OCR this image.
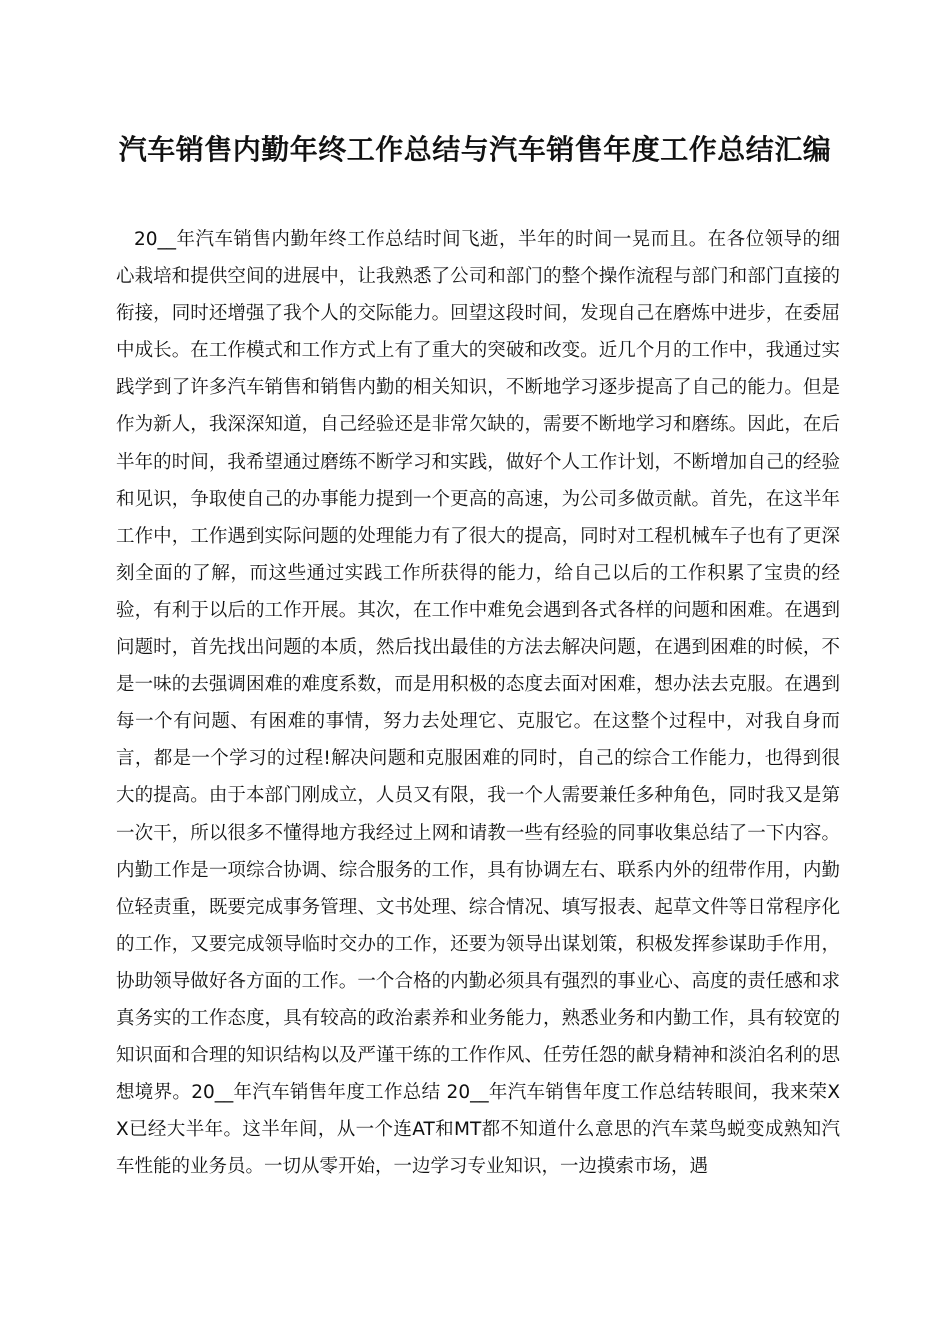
汽车销售内勤年终工作总结与汽车销售年度工作总结汇编

20__年汽车销售内勤年终工作总结时间飞逝，半年的时间一晃而且。在各位领导的细心栽培和提供空间的进展中，让我熟悉了公司和部门的整个操作流程与部门和部门直接的衔接，同时还增强了我个人的交际能力。回望这段时间，发现自己在磨炼中进步，在委屈中成长。在工作模式和工作方式上有了重大的突破和改变。近几个月的工作中，我通过实践学到了许多汽车销售和销售内勤的相关知识，不断地学习逐步提高了自己的能力。但是作为新人，我深深知道，自己经验还是非常欠缺的，需要不断地学习和磨练。因此，在后半年的时间，我希望通过磨练不断学习和实践，做好个人工作计划，不断增加自己的经验和见识，争取使自己的办事能力提到一个更高的高速，为公司多做贡献。首先，在这半年工作中，工作遇到实际问题的处理能力有了很大的提高，同时对工程机械车子也有了更深刻全面的了解，而这些通过实践工作所获得的能力，给自己以后的工作积累了宝贵的经验，有利于以后的工作开展。其次，在工作中难免会遇到各式各样的问题和困难。在遇到问题时，首先找出问题的本质，然后找出最佳的方法去解决问题，在遇到困难的时候，不是一味的去强调困难的难度系数，而是用积极的态度去面对困难，想办法去克服。在遇到每一个有问题、有困难的事情，努力去处理它、克服它。在这整个过程中，对我自身而言，都是一个学习的过程!解决问题和克服困难的同时，自己的综合工作能力，也得到很大的提高。由于本部门刚成立，人员又有限，我一个人需要兼任多种角色，同时我又是第一次干，所以很多不懂得地方我经过上网和请教一些有经验的同事收集总结了一下内容。内勤工作是一项综合协调、综合服务的工作，具有协调左右、联系内外的纽带作用，内勤位轻责重，既要完成事务管理、文书处理、综合情况、填写报表、起草文件等日常程序化的工作，又要完成领导临时交办的工作，还要为领导出谋划策，积极发挥参谋助手作用，协助领导做好各方面的工作。一个合格的内勤必须具有强烈的事业心、高度的责任感和求真务实的工作态度，具有较高的政治素养和业务能力，熟悉业务和内勤工作，具有较宽的知识面和合理的知识结构以及严谨干练的工作作风、任劳任怨的献身精神和淡泊名利的思想境界。20__年汽车销售年度工作总结 20__年汽车销售年度工作总结转眼间，我来荣XX已经大半年。这半年间，从一个连AT和MT都不知道什么意思的汽车菜鸟蜕变成熟知汽车性能的业务员。一切从零开始，一边学习专业知识，一边摸索市场，遇
